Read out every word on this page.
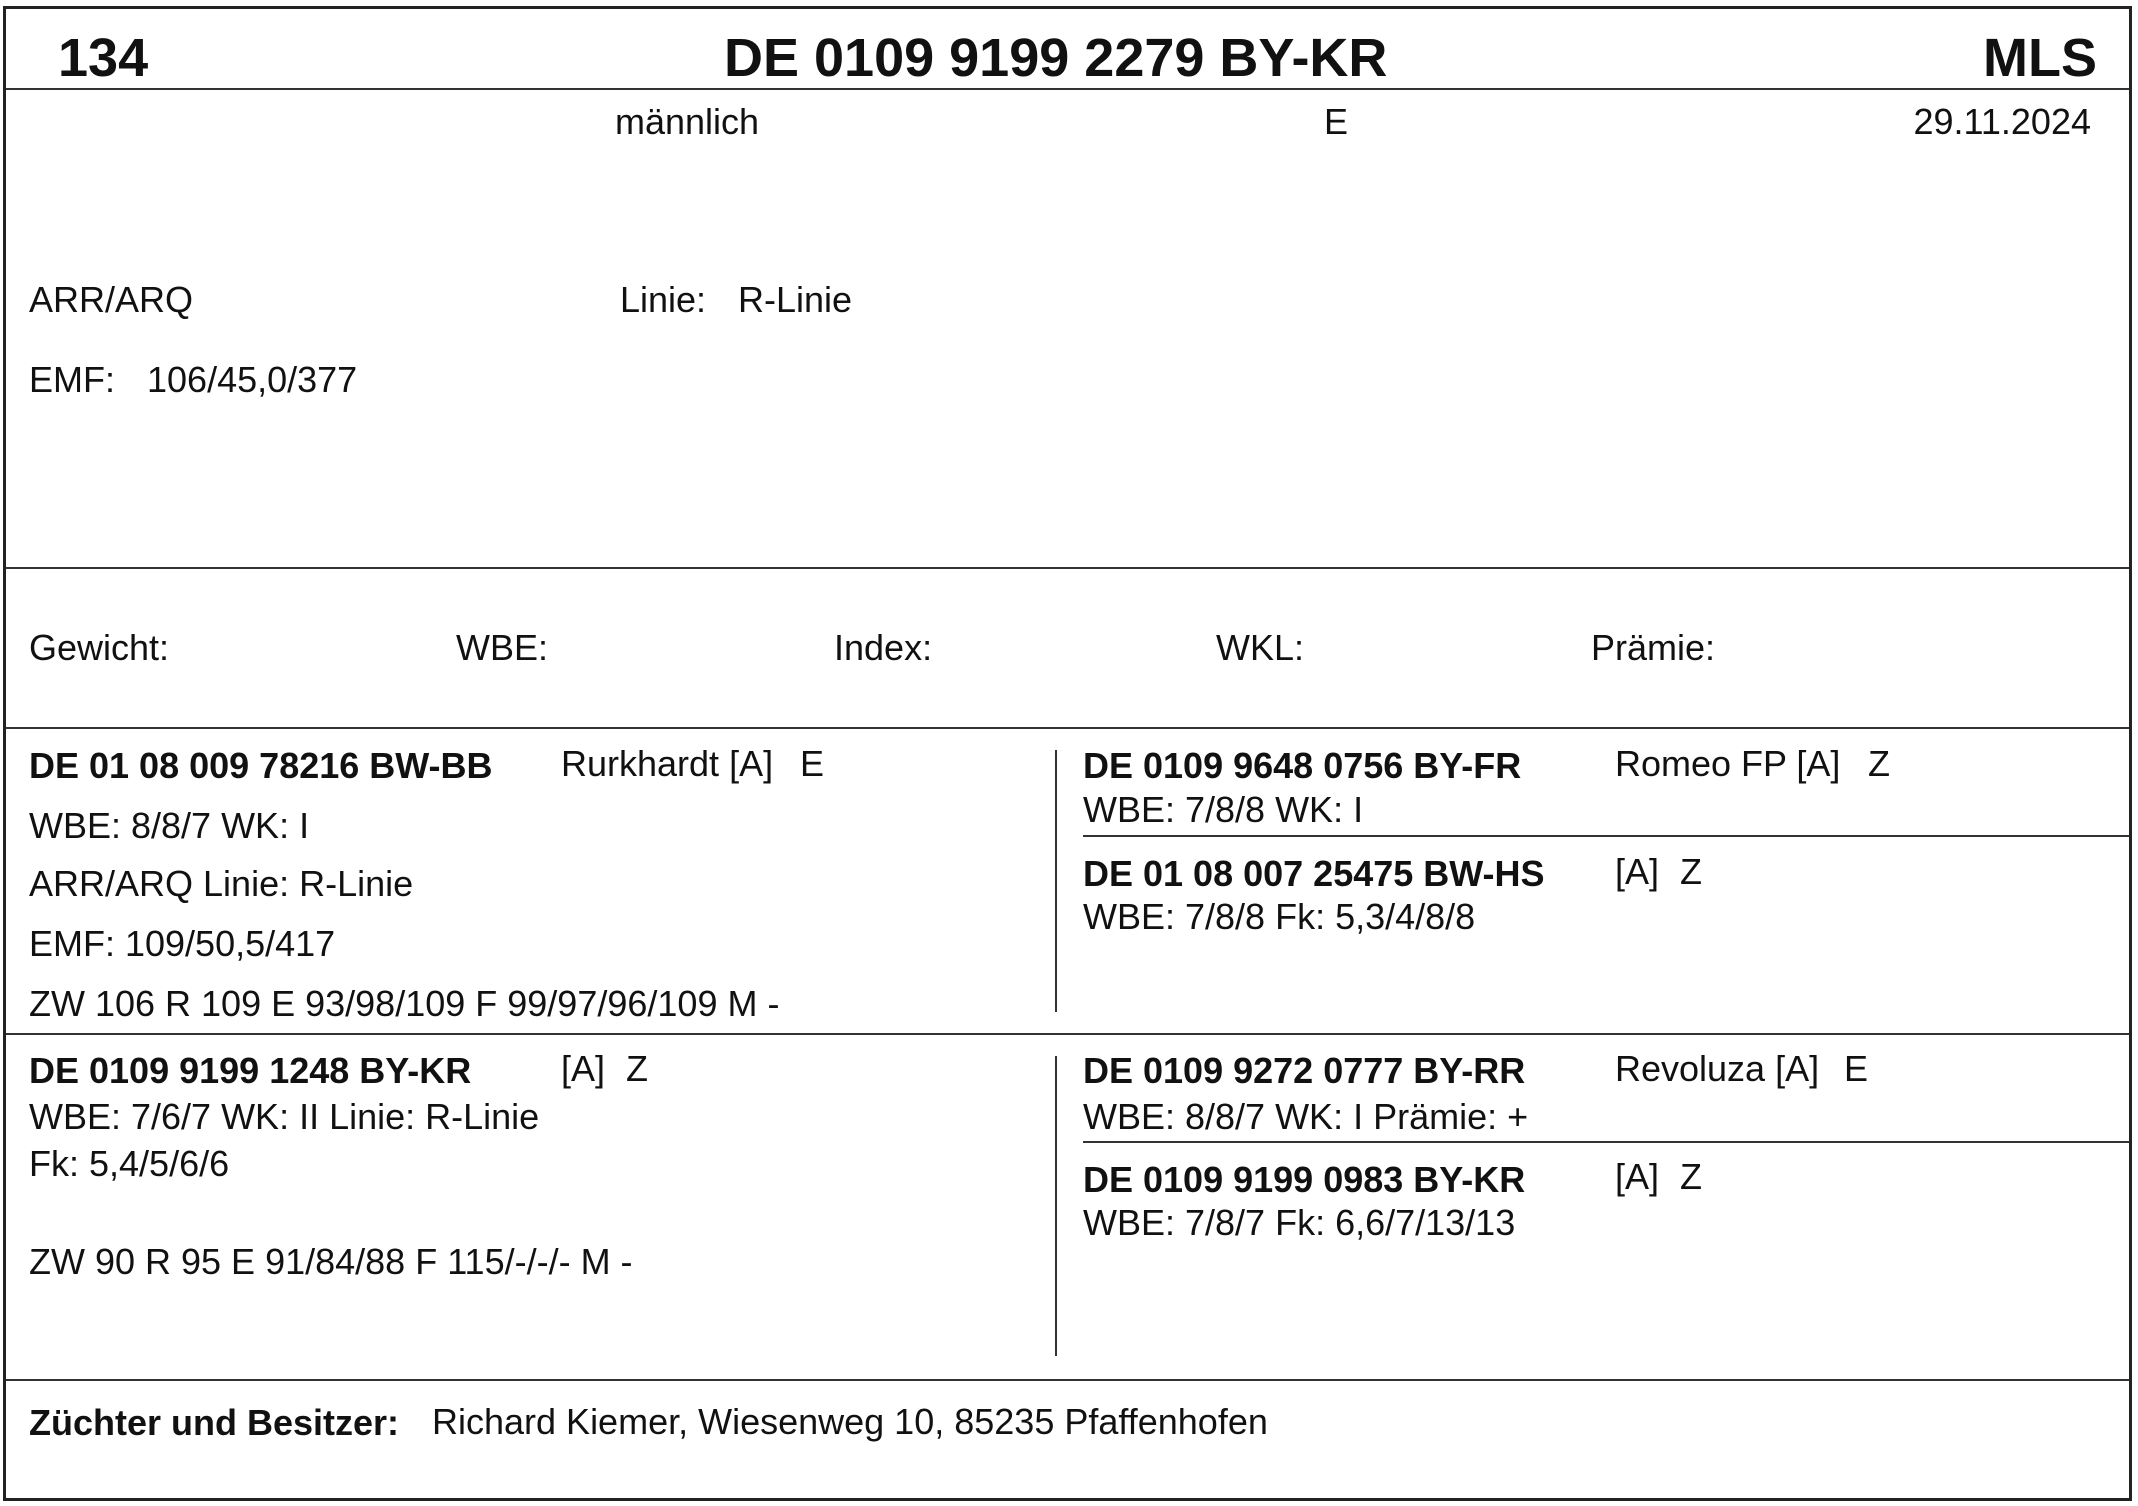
134	DE 0109 9199 2279 BY-KR	MLS
männlich	E	29.11.2024
ARR/ARQ	Linie: R-Linie
EMF: 106/45,0/377
Gewicht:	WBE:	Index:	WKL:	Prämie:
DE 01 08 009 78216 BW-BB Rurkhardt [A] E
WBE: 8/8/7 WK: I
ARR/ARQ Linie: R-Linie
EMF: 109/50,5/417
ZW 106 R 109 E 93/98/109 F 99/97/96/109 M -
DE 0109 9648 0756 BY-FR	Romeo FP [A] Z
WBE: 7/8/8 WK: I
DE 01 08 007 25475 BW-HS [A] Z
WBE: 7/8/8 Fk: 5,3/4/8/8
DE 0109 9199 1248 BY-KR [A] Z
WBE: 7/6/7 WK: II Linie: R-Linie
Fk: 5,4/5/6/6
ZW 90 R 95 E 91/84/88 F 115/-/-/- M -
DE 0109 9272 0777 BY-RR Revoluza [A] E
WBE: 8/8/7 WK: I Prämie: +
DE 0109 9199 0983 BY-KR [A] Z
WBE: 7/8/7 Fk: 6,6/7/13/13
Züchter und Besitzer: Richard Kiemer, Wiesenweg 10, 85235 Pfaffenhofen
